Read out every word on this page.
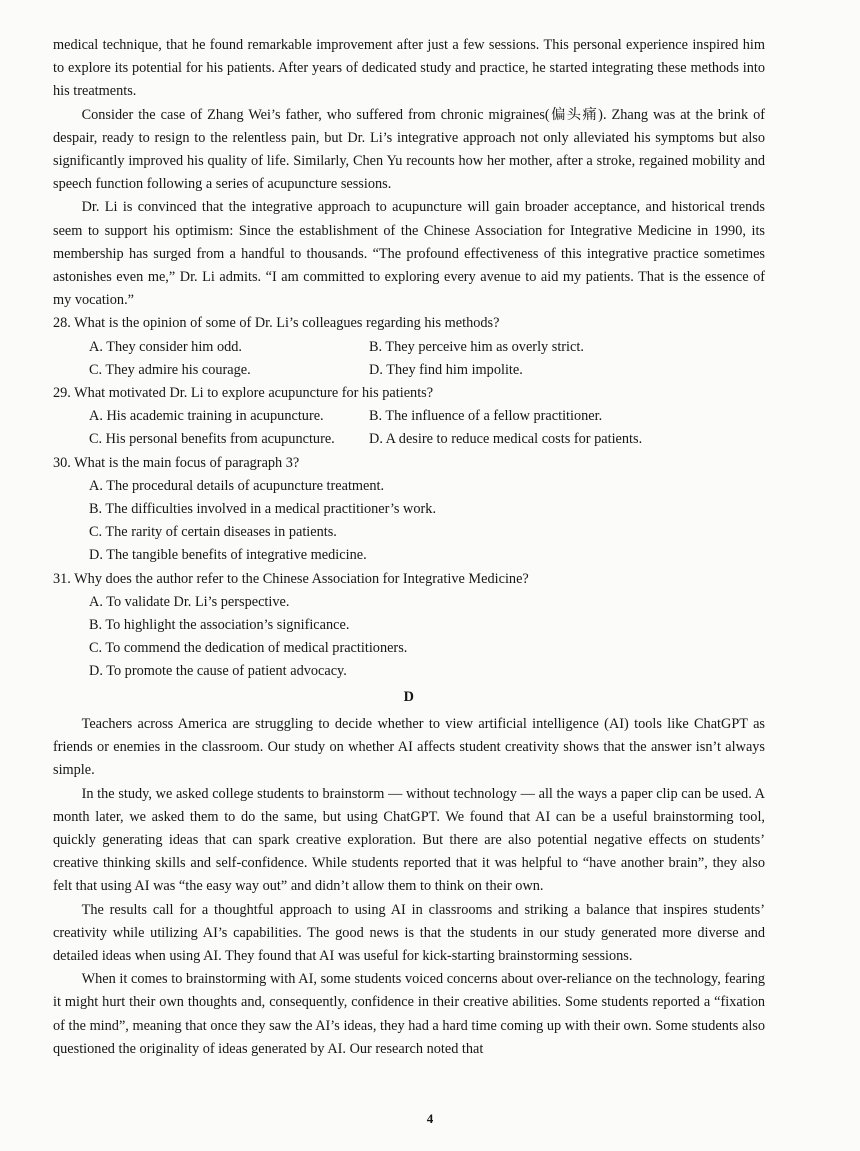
medical technique, that he found remarkable improvement after just a few sessions. This personal experience inspired him to explore its potential for his patients. After years of dedicated study and practice, he started integrating these methods into his treatments.

Consider the case of Zhang Wei’s father, who suffered from chronic migraines(偏头痛). Zhang was at the brink of despair, ready to resign to the relentless pain, but Dr. Li’s integrative approach not only alleviated his symptoms but also significantly improved his quality of life. Similarly, Chen Yu recounts how her mother, after a stroke, regained mobility and speech function following a series of acupuncture sessions.

Dr. Li is convinced that the integrative approach to acupuncture will gain broader acceptance, and historical trends seem to support his optimism: Since the establishment of the Chinese Association for Integrative Medicine in 1990, its membership has surged from a handful to thousands. “The profound effectiveness of this integrative practice sometimes astonishes even me,” Dr. Li admits. “I am committed to exploring every avenue to aid my patients. That is the essence of my vocation.”

28. What is the opinion of some of Dr. Li’s colleagues regarding his methods?
A. They consider him odd.	B. They perceive him as overly strict.
C. They admire his courage.	D. They find him impolite.
29. What motivated Dr. Li to explore acupuncture for his patients?
A. His academic training in acupuncture.	B. The influence of a fellow practitioner.
C. His personal benefits from acupuncture.	D. A desire to reduce medical costs for patients.
30. What is the main focus of paragraph 3?
A. The procedural details of acupuncture treatment.
B. The difficulties involved in a medical practitioner’s work.
C. The rarity of certain diseases in patients.
D. The tangible benefits of integrative medicine.
31. Why does the author refer to the Chinese Association for Integrative Medicine?
A. To validate Dr. Li’s perspective.
B. To highlight the association’s significance.
C. To commend the dedication of medical practitioners.
D. To promote the cause of patient advocacy.
D

Teachers across America are struggling to decide whether to view artificial intelligence (AI) tools like ChatGPT as friends or enemies in the classroom. Our study on whether AI affects student creativity shows that the answer isn’t always simple.

In the study, we asked college students to brainstorm — without technology — all the ways a paper clip can be used. A month later, we asked them to do the same, but using ChatGPT. We found that AI can be a useful brainstorming tool, quickly generating ideas that can spark creative exploration. But there are also potential negative effects on students’ creative thinking skills and self-confidence. While students reported that it was helpful to “have another brain”, they also felt that using AI was “the easy way out” and didn’t allow them to think on their own.

The results call for a thoughtful approach to using AI in classrooms and striking a balance that inspires students’ creativity while utilizing AI’s capabilities. The good news is that the students in our study generated more diverse and detailed ideas when using AI. They found that AI was useful for kick-starting brainstorming sessions.

When it comes to brainstorming with AI, some students voiced concerns about over-reliance on the technology, fearing it might hurt their own thoughts and, consequently, confidence in their creative abilities. Some students reported a “fixation of the mind”, meaning that once they saw the AI’s ideas, they had a hard time coming up with their own. Some students also questioned the originality of ideas generated by AI. Our research noted that

4
